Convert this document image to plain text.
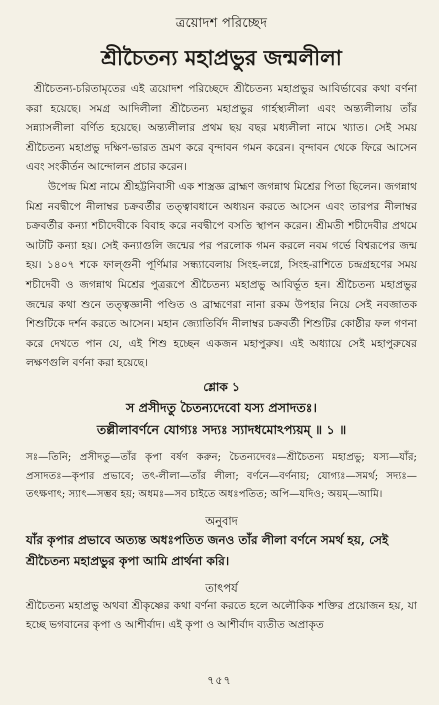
ত্রয়োদশ পরিচ্ছেদ
শ্রীচৈতন্য মহাপ্রভুর জন্মলীলা

শ্রীচৈতন্য-চরিতামৃতের এই ত্রয়োদশ পরিচ্ছেদে শ্রীচৈতন্য মহাপ্রভুর আবির্ভাবের কথা বর্ণনা করা হয়েছে। সমগ্র আদিলীলা শ্রীচৈতন্য মহাপ্রভুর গার্হস্থ্যলীলা এবং অন্ত্যলীলায় তাঁর সন্ন্যাসলীলা বর্ণিত হয়েছে। অন্ত্যলীলার প্রথম ছয় বছর মধ্যলীলা নামে খ্যাত। সেই সময় শ্রীচৈতন্য মহাপ্রভু দক্ষিণ-ভারত ভ্রমণ করে বৃন্দাবন গমন করেন। বৃন্দাবন থেকে ফিরে আসেন এবং সংকীর্তন আন্দোলন প্রচার করেন।

উপেন্দ্র মিশ্র নামে শ্রীহট্টনিবাসী এক শাস্ত্রজ্ঞ ব্রাহ্মণ জগন্নাথ মিশ্রের পিতা ছিলেন। জগন্নাথ মিশ্র নবদ্বীপে নীলাম্বর চক্রবর্তীর তত্ত্বাবধানে অধ্যয়ন করতে আসেন এবং তারপর নীলাম্বর চক্রবর্তীর কন্যা শচীদেবীকে বিবাহ করে নবদ্বীপে বসতি স্থাপন করেন। শ্রীমতী শচীদেবীর প্রথমে আটটি কন্যা হয়। সেই কন্যাগুলি জন্মের পর পরলোক গমন করলে নবম গর্ভে বিশ্বরূপের জন্ম হয়। ১৪০৭ শকে ফাল্গুনী পূর্ণিমার সন্ধ্যাবেলায় সিংহ-লগ্নে, সিংহ-রাশিতে চন্দ্রগ্রহণের সময় শচীদেবী ও জগন্নাথ মিশ্রের পুত্ররূপে শ্রীচৈতন্য মহাপ্রভু আবির্ভূত হন। শ্রীচৈতন্য মহাপ্রভুর জন্মের কথা শুনে তত্ত্বজ্ঞানী পণ্ডিত ও ব্রাহ্মণেরা নানা রকম উপহার নিয়ে সেই নবজাতক শিশুটিকে দর্শন করতে আসেন। মহান জ্যোতির্বিদ নীলাম্বর চক্রবর্তী শিশুটির কোষ্ঠীর ফল গণনা করে দেখতে পান যে, এই শিশু হচ্ছেন একজন মহাপুরুষ। এই অধ্যায়ে সেই মহাপুরুষের লক্ষণগুলি বর্ণনা করা হয়েছে।

শ্লোক ১
স প্রসীদতু চৈতন্যদেবো যস্য প্রসাদতঃ।
তল্লীলাবর্ণনে যোগ্যঃ সদ্যঃ স্যাদধমোঽপ্যয়ম্ ॥ ১ ॥
সঃ—তিনি; প্রসীদতু—তাঁর কৃপা বর্ষণ করুন; চৈতন্যদেবঃ—শ্রীচৈতন্য মহাপ্রভু; যস্য—যাঁর; প্রসাদতঃ—কৃপার প্রভাবে; তৎ-লীলা—তাঁর লীলা; বর্ণনে—বর্ণনায়; যোগ্যঃ—সমর্থ; সদ্যঃ—তৎক্ষণাৎ; স্যাৎ—সম্ভব হয়; অধমঃ—সব চাইতে অধঃপতিত; অপি—যদিও; অয়ম্—আমি।
অনুবাদ
যাঁর কৃপার প্রভাবে অত্যন্ত অধঃপতিত জনও তাঁর লীলা বর্ণনে সমর্থ হয়, সেই শ্রীচৈতন্য মহাপ্রভুর কৃপা আমি প্রার্থনা করি।
তাৎপর্য
শ্রীচৈতন্য মহাপ্রভু অথবা শ্রীকৃষ্ণের কথা বর্ণনা করতে হলে অলৌকিক শক্তির প্রয়োজন হয়, যা হচ্ছে ভগবানের কৃপা ও আশীর্বাদ। এই কৃপা ও আশীর্বাদ ব্যতীত অপ্রাকৃত
৭৫৭
